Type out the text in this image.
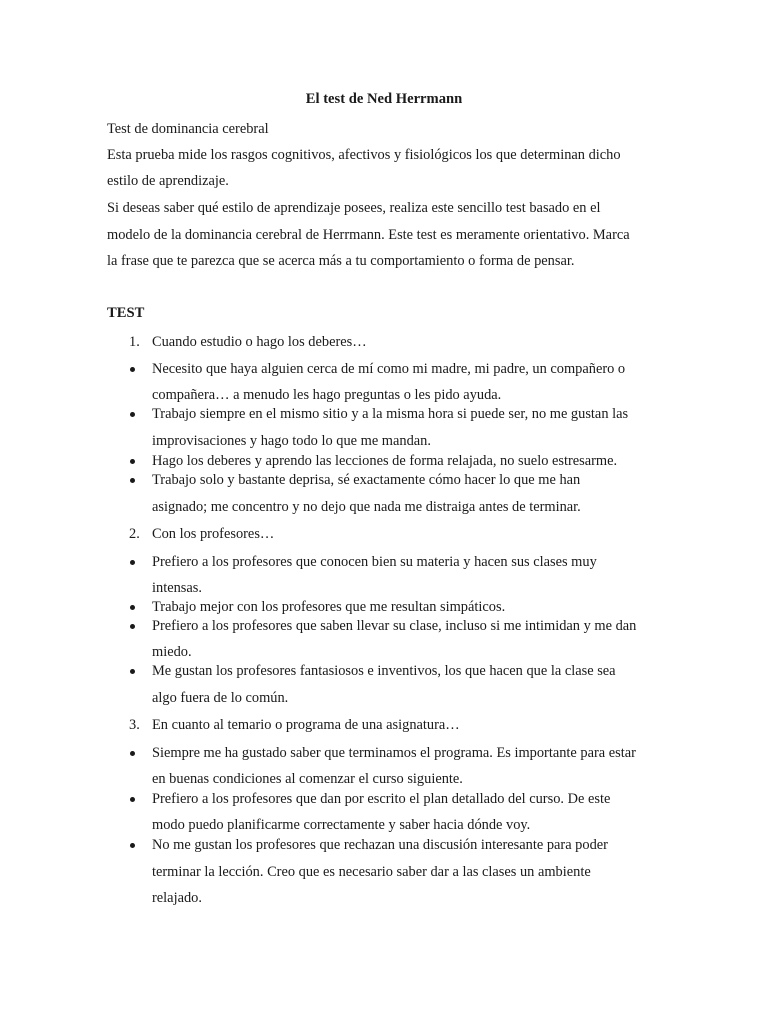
El test de Ned Herrmann
Test de dominancia cerebral
Esta prueba mide los rasgos cognitivos, afectivos y fisiológicos los que determinan dicho
estilo de aprendizaje.
Si deseas saber qué estilo de aprendizaje posees, realiza este sencillo test basado en el
modelo de la dominancia cerebral de Herrmann. Este test es meramente orientativo. Marca
la frase que te parezca que se acerca más a tu comportamiento o forma de pensar.
TEST
1. Cuando estudio o hago los deberes…
Necesito que haya alguien cerca de mí como mi madre, mi padre, un compañero o
compañera… a menudo les hago preguntas o les pido ayuda.
Trabajo siempre en el mismo sitio y a la misma hora si puede ser, no me gustan las
improvisaciones y hago todo lo que me mandan.
Hago los deberes y aprendo las lecciones de forma relajada, no suelo estresarme.
Trabajo solo y bastante deprisa, sé exactamente cómo hacer lo que me han
asignado; me concentro y no dejo que nada me distraiga antes de terminar.
2. Con los profesores…
Prefiero a los profesores que conocen bien su materia y hacen sus clases muy
intensas.
Trabajo mejor con los profesores que me resultan simpáticos.
Prefiero a los profesores que saben llevar su clase, incluso si me intimidan y me dan
miedo.
Me gustan los profesores fantasiosos e inventivos, los que hacen que la clase sea
algo fuera de lo común.
3. En cuanto al temario o programa de una asignatura…
Siempre me ha gustado saber que terminamos el programa. Es importante para estar
en buenas condiciones al comenzar el curso siguiente.
Prefiero a los profesores que dan por escrito el plan detallado del curso. De este
modo puedo planificarme correctamente y saber hacia dónde voy.
No me gustan los profesores que rechazan una discusión interesante para poder
terminar la lección. Creo que es necesario saber dar a las clases un ambiente
relajado.
